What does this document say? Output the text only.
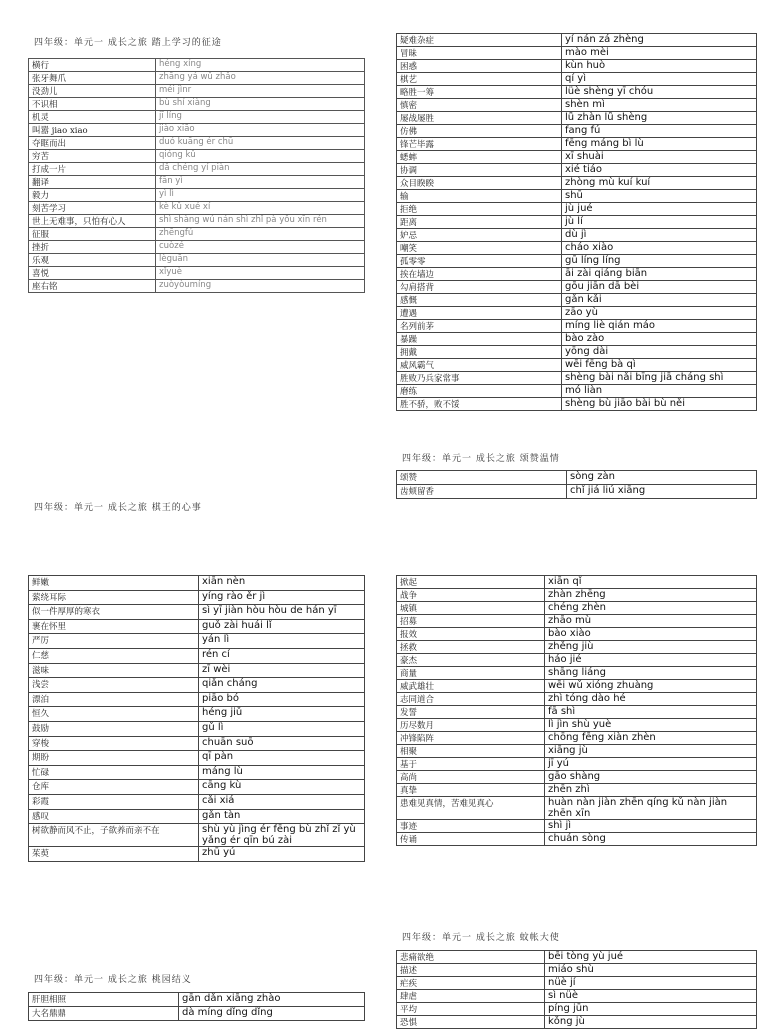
四年级：单元一 成长之旅 踏上学习的征途
横行	héng xíng
张牙舞爪	zhāng yá wǔ zhǎo
没劲儿	méi jìnr
不识相	bù shí xiàng
机灵	jī líng
叫嚣 jiao xiao	jiào xiāo
夺眶而出	duó kuāng ér chū
穷苦	qióng kǔ
打成一片	dǎ chéng yí piàn
翻译	fān yì
毅力	yì lì
刻苦学习	kè kǔ xué xí
世上无难事，只怕有心人	shì shàng wú nán shì zhǐ pà yǒu xīn rén
征服	zhēngfú
挫折	cuòzé
乐观	lèguān
喜悦	xǐyuè
座右铭	zuòyòumíng
疑难杂症	yí nán zá zhèng
冒昧	mào mèi
困惑	kùn huò
棋艺	qí yì
略胜一筹	lüè shèng yī chóu
慎密	shèn mì
屡战屡胜	lǚ zhàn lǚ shèng
仿佛	fang fú
锋芒毕露	fēng máng bì lù
蟋蟀	xī shuài
协调	xié tiáo
众目睽睽	zhòng mù kuí kuí
输	shū
拒绝	jù jué
距离	jù lí
妒忌	dù jì
嘲笑	cháo xiào
孤零零	gū líng líng
挨在墙边	āi zài qiáng biān
勾肩搭背	gōu jiān dā bèi
感慨	gǎn kǎi
遭遇	zāo yù
名列前茅	míng liè qián máo
暴躁	bào zào
拥戴	yōng dài
威风霸气	wēi fēng bà qì
胜败乃兵家常事	shèng bài nǎi bīng jiā cháng shì
磨练	mó liàn
胜不骄，败不馁	shèng bù jiāo bài bù něi
四年级：单元一 成长之旅 颂赞温情
颂赞	sòng zàn
齿颊留香	chǐ jiá liú xiāng
四年级：单元一 成长之旅 棋王的心事
鲜嫩	xiān nèn
萦绕耳际	yíng rào ěr jì
似一件厚厚的寒衣	sì yī jiàn hòu hòu de hán yī
裹在怀里	guǒ zài huái lǐ
严厉	yán lì
仁慈	rén cí
滋味	zī wèi
浅尝	qiǎn cháng
漂泊	piāo bó
恒久	héng jiǔ
鼓励	gǔ lì
穿梭	chuān suō
期盼	qī pàn
忙碌	máng lù
仓库	cāng kù
彩霞	cǎi xiá
感叹	gǎn tàn
树欲静而风不止，子欲养而亲不在	shù yù jìng ér fēng bù zhǐ zǐ yù yǎng ér qīn bú zài
茱萸	zhū yú
掀起	xiān qǐ
战争	zhàn zhēng
城镇	chéng zhèn
招募	zhāo mù
报效	bào xiào
拯救	zhěng jiù
豪杰	háo jié
商量	shāng liáng
威武雄壮	wēi wǔ xióng zhuàng
志同道合	zhì tóng dào hé
发誓	fā shì
历尽数月	lì jìn shù yuè
冲锋陷阵	chōng fēng xiàn zhèn
相聚	xiāng jù
基于	jī yú
高尚	gāo shàng
真挚	zhēn zhì
患难见真情，苦难见真心	huàn nàn jiàn zhēn qíng kǔ nàn jiàn zhēn xīn
事迹	shì jì
传诵	chuán sòng
四年级：单元一 成长之旅 蚊帐大使
悲痛欲绝	bēi tòng yù jué
描述	miáo shù
疟疾	nüè jí
肆虐	sì nüè
平均	píng jūn
恐惧	kǒng jù
四年级：单元一 成长之旅 桃园结义
肝胆相照	gān dǎn xiāng zhào
大名鼎鼎	dà míng dǐng dǐng
